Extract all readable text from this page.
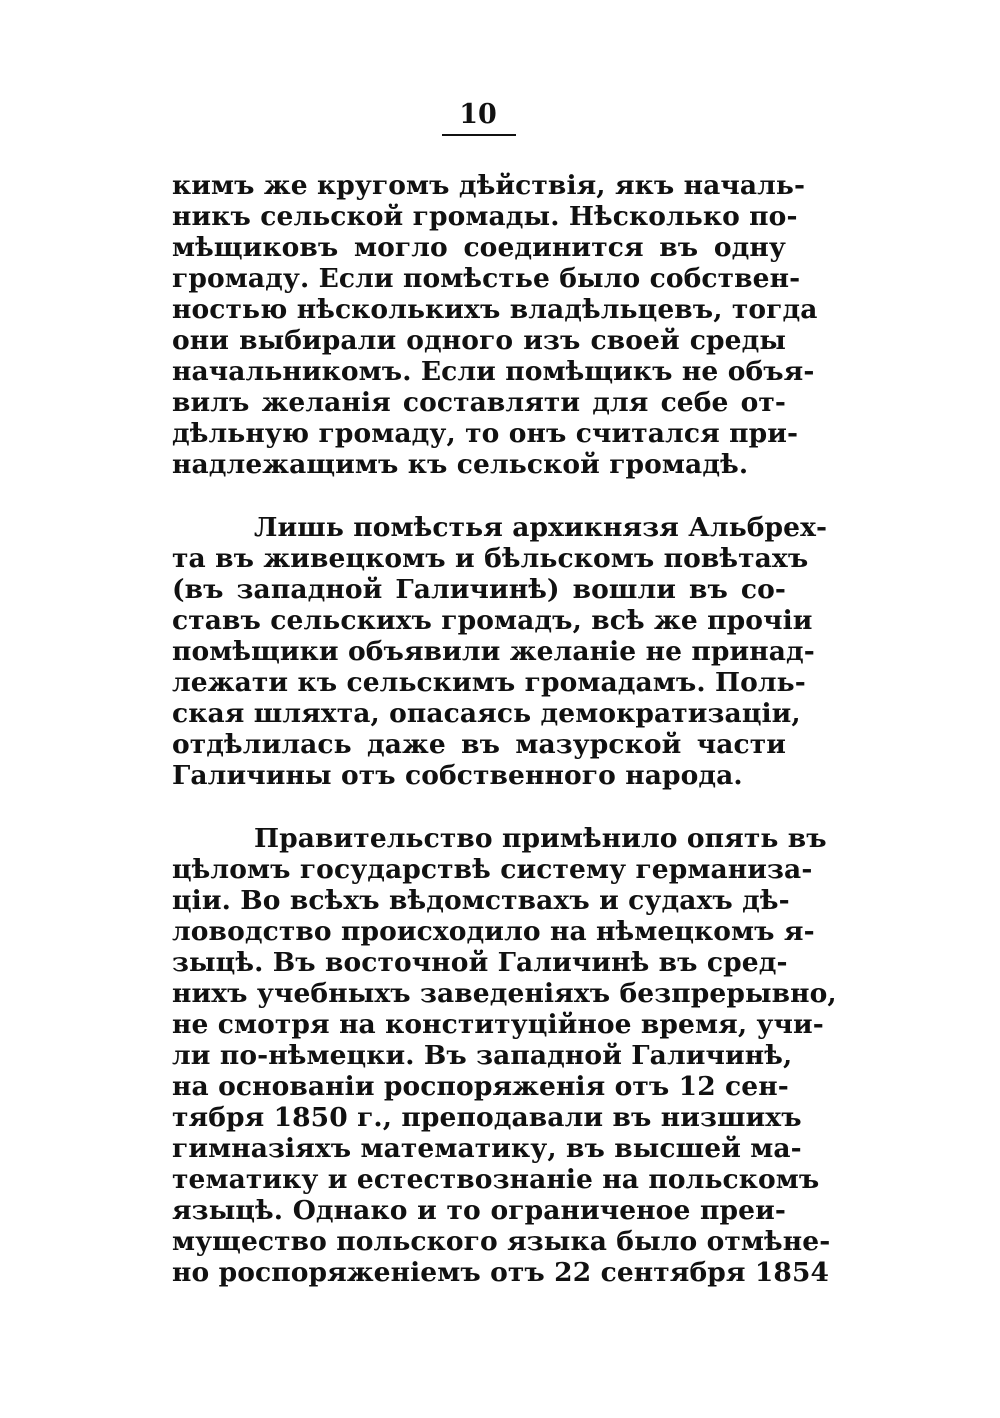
10
кимъ же кругомъ дѣйствія, якъ началь-
никъ сельской громады. Нѣсколько по-
мѣщиковъ могло соединится въ одну
громаду. Если помѣстье было собствен-
ностью нѣсколькихъ владѣльцевъ, тогда
они выбирали одного изъ своей среды
начальникомъ. Если помѣщикъ не объя-
вилъ желанія составляти для себе от-
дѣльную громаду, то онъ считался при-
надлежащимъ къ сельской громадѣ.
Лишь помѣстья архикнязя Альбрех-
та въ живецкомъ и бѣльскомъ повѣтахъ
(въ западной Галичинѣ) вошли въ со-
ставъ сельскихъ громадъ, всѣ же прочіи
помѣщики объявили желаніе не принад-
лежати къ сельскимъ громадамъ. Поль-
ская шляхта, опасаясь демократизаціи,
отдѣлилась даже въ мазурской части
Галичины отъ собственного народа.
Правительство примѣнило опять въ
цѣломъ государствѣ систему германиза-
ціи. Во всѣхъ вѣдомствахъ и судахъ дѣ-
ловодство происходило на нѣмецкомъ я-
зыцѣ. Въ восточной Галичинѣ въ сред-
нихъ учебныхъ заведеніяхъ безпрерывно,
не смотря на конституційное время, учи-
ли по-нѣмецки. Въ западной Галичинѣ,
на основаніи роспоряженія отъ 12 сен-
тября 1850 г., преподавали въ низшихъ
гимназіяхъ математику, въ высшей ма-
тематику и естествознаніе на польскомъ
языцѣ. Однако и то ограниченое преи-
мущество польского языка было отмѣне-
но роспоряженіемъ отъ 22 сентября 1854
